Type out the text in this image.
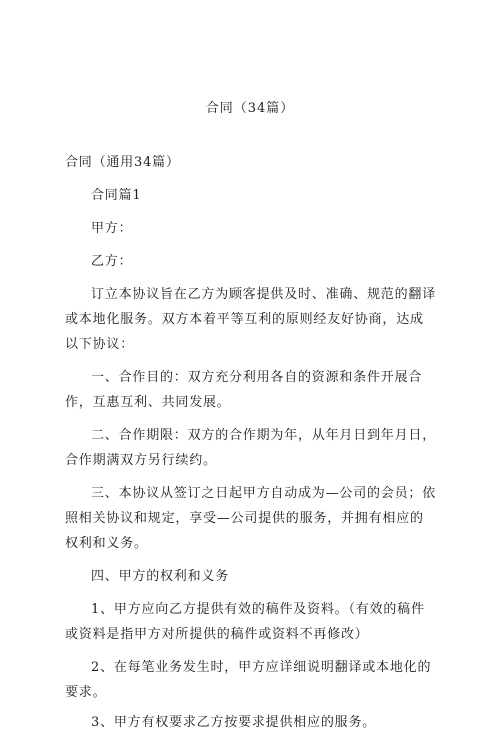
合同（34篇）

合同（通用34篇）

合同篇1

甲方：

乙方：

订立本协议旨在乙方为顾客提供及时、准确、规范的翻译或本地化服务。双方本着平等互利的原则经友好协商，达成以下协议：

一、合作目的：双方充分利用各自的资源和条件开展合作，互惠互利、共同发展。

二、合作期限：双方的合作期为年，从年月日到年月日，合作期满双方另行续约。

三、本协议从签订之日起甲方自动成为—公司的会员；依照相关协议和规定，享受—公司提供的服务，并拥有相应的权利和义务。

四、甲方的权利和义务

1、甲方应向乙方提供有效的稿件及资料。（有效的稿件或资料是指甲方对所提供的稿件或资料不再修改）

2、在每笔业务发生时，甲方应详细说明翻译或本地化的要求。

3、甲方有权要求乙方按要求提供相应的服务。
